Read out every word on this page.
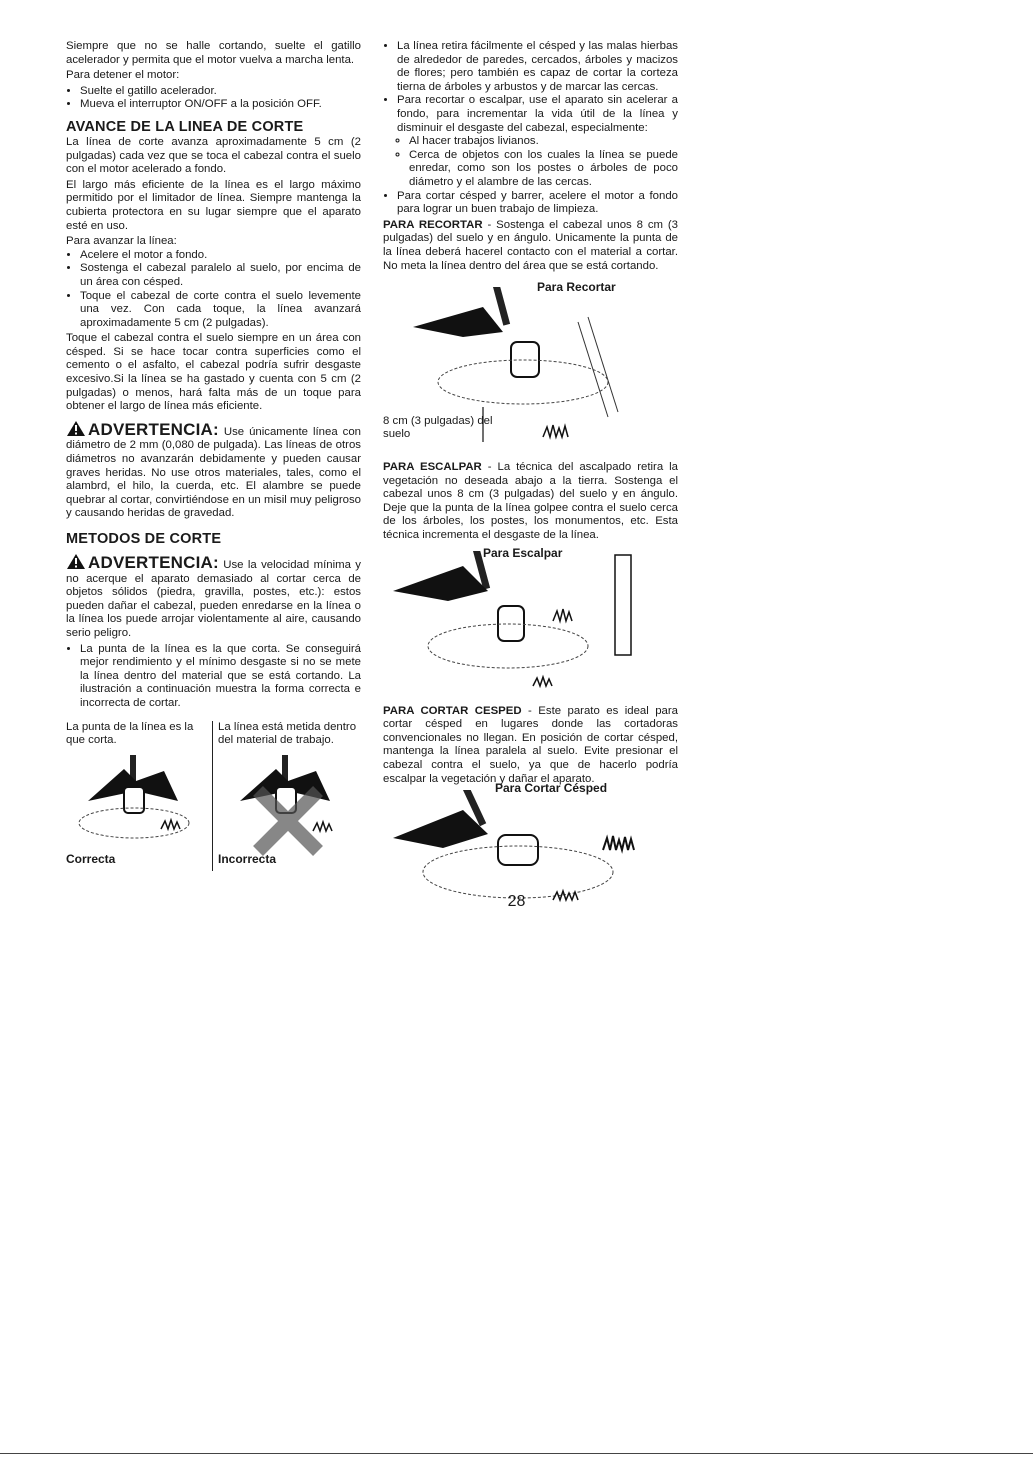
Siempre que no se halle cortando, suelte el gatillo acelerador y permita que el motor vuelva a marcha lenta.

Para detener el motor:

• Suelte el gatillo acelerador.
• Mueva el interruptor ON/OFF a la posición OFF.
AVANCE DE LA LINEA DE CORTE

La línea de corte avanza aproximadamente 5 cm (2 pulgadas) cada vez que se toca el cabezal contra el suelo con el motor acelerado a fondo.

El largo más eficiente de la línea es el largo máximo permitido por el limitador de línea. Siempre mantenga la cubierta protectora en su lugar siempre que el aparato esté en uso.

Para avanzar la línea:

• Acelere el motor a fondo.
• Sostenga el cabezal paralelo al suelo, por encima de un área con césped.
• Toque el cabezal de corte contra el suelo levemente una vez. Con cada toque, la línea avanzará aproximadamente 5 cm (2 pulgadas).

Toque el cabezal contra el suelo siempre en un área con césped. Si se hace tocar contra superficies como el cemento o el asfalto, el cabezal podría sufrir desgaste excesivo.Si la línea se ha gastado y cuenta con 5 cm (2 pulgadas) o menos, hará falta más de un toque para obtener el largo de línea más eficiente.

ADVERTENCIA: Use únicamente línea con diámetro de 2 mm (0,080 de pulgada). Las líneas de otros diámetros no avanzarán debidamente y pueden causar graves heridas. No use otros materiales, tales, como el alambrd, el hilo, la cuerda, etc. El alambre se puede quebrar al cortar, convirtiéndose en un misil muy peligroso y causando heridas de gravedad.
METODOS DE CORTE
ADVERTENCIA: Use la velocidad mínima y no acerque el aparato demasiado al cortar cerca de objetos sólidos (piedra, gravilla, postes, etc.): estos pueden dañar el cabezal, pueden enredarse en la línea o la línea los puede arrojar violentamente al aire, causando serio peligro.
• La punta de la línea es la que corta. Se conseguirá mejor rendimiento y el mínimo desgaste si no se mete la línea dentro del material que se está cortando. La ilustración a continuación muestra la forma correcta e incorrecta de cortar.
La punta de la línea es la que corta.
La línea está metida dentro del material de trabajo.
Correcta	Incorrecta
• La línea retira fácilmente el césped y las malas hierbas de alrededor de paredes, cercados, árboles y macizos de flores; pero también es capaz de cortar la corteza tierna de árboles y arbustos y de marcar las cercas.
• Para recortar o escalpar, use el aparato sin acelerar a fondo, para incrementar la vida útil de la línea y disminuir el desgaste del cabezal, especialmente:
◦ Al hacer trabajos livianos.
◦ Cerca de objetos con los cuales la línea se puede enredar, como son los postes o árboles de poco diámetro y el alambre de las cercas.
• Para cortar césped y barrer, acelere el motor a fondo para lograr un buen trabajo de limpieza.

PARA RECORTAR - Sostenga el cabezal unos 8 cm (3 pulgadas) del suelo y en ángulo. Unicamente la punta de la línea deberá hacerel contacto con el material a cortar. No meta la línea dentro del área que se está cortando.

Para Recortar
8 cm (3 pulgadas) del suelo

PARA ESCALPAR - La técnica del ascalpado retira la vegetación no deseada abajo a la tierra. Sostenga el cabezal unos 8 cm (3 pulgadas) del suelo y en ángulo. Deje que la punta de la línea golpee contra el suelo cerca de los árboles, los postes, los monumentos, etc. Esta técnica incrementa el desgaste de la línea.

Para Escalpar

PARA CORTAR CESPED - Este parato es ideal para cortar césped en lugares donde las cortadoras convencionales no llegan. En posición de cortar césped, mantenga la línea paralela al suelo. Evite presionar el cabezal contra el suelo, ya que de hacerlo podría escalpar la vegetación y dañar el aparato.

Para Cortar Césped
28
